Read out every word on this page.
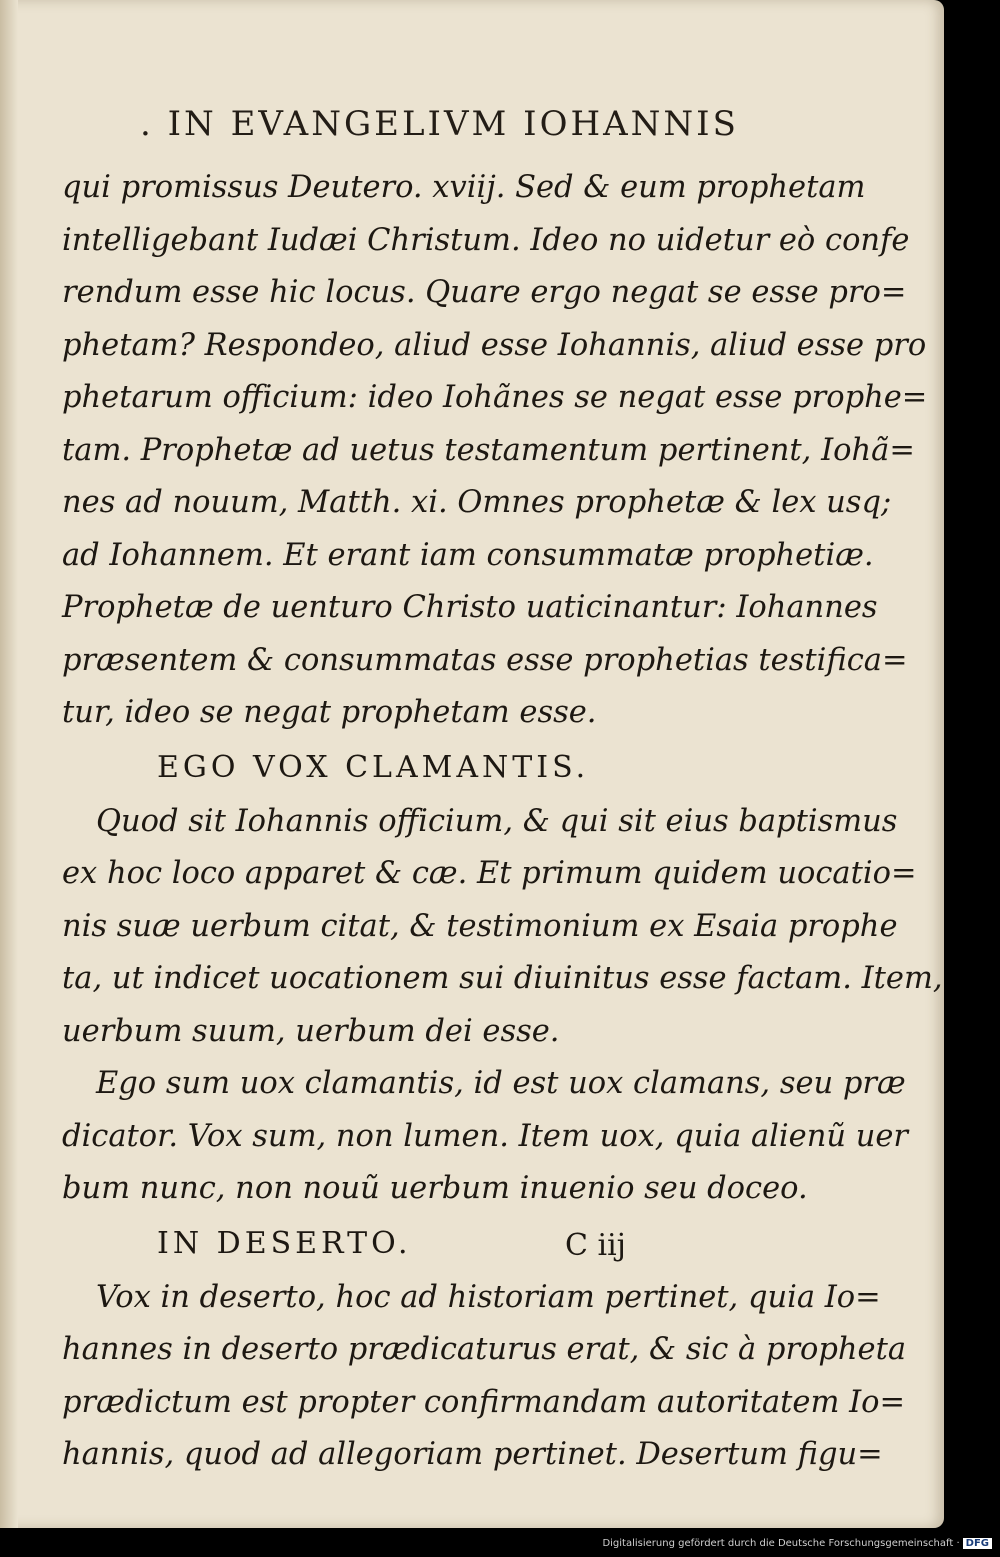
. IN EVANGELIVM IOHANNIS
qui promissus Deutero. xviij. Sed & eum prophetam
intelligebant Iudæi Christum. Ideo no uidetur eò confe
rendum esse hic locus. Quare ergo negat se esse pro=
phetam? Respondeo, aliud esse Iohannis, aliud esse pro
phetarum officium: ideo Iohãnes se negat esse prophe=
tam. Prophetæ ad uetus testamentum pertinent, Iohã=
nes ad nouum, Matth. xi. Omnes prophetæ & lex usq;
ad Iohannem. Et erant iam consummatæ prophetiæ.
Prophetæ de uenturo Christo uaticinantur: Iohannes
præsentem & consummatas esse prophetias testifica=
tur, ideo se negat prophetam esse.
EGO VOX CLAMANTIS.
Quod sit Iohannis officium, & qui sit eius baptismus
ex hoc loco apparet & cæ. Et primum quidem uocatio=
nis suæ uerbum citat, & testimonium ex Esaia prophe
ta, ut indicet uocationem sui diuinitus esse factam. Item,
uerbum suum, uerbum dei esse.
Ego sum uox clamantis, id est uox clamans, seu præ
dicator. Vox sum, non lumen. Item uox, quia alienũ uer
bum nunc, non nouũ uerbum inuenio seu doceo.
IN DESERTO.
Vox in deserto, hoc ad historiam pertinet, quia Io=
hannes in deserto prædicaturus erat, & sic à propheta
prædictum est propter confirmandam autoritatem Io=
hannis, quod ad allegoriam pertinet. Desertum figu=
C iij
Digitalisierung gefördert durch die Deutsche Forschungsgemeinschaft · DFG
